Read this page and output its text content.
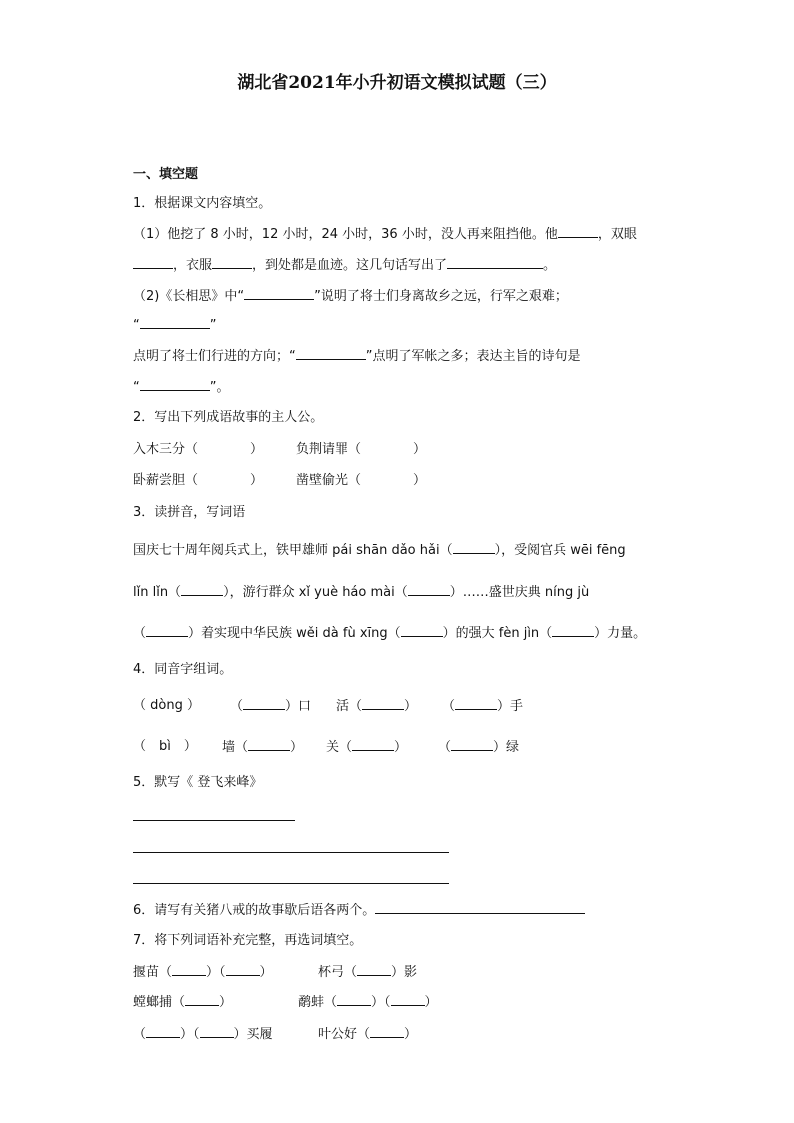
湖北省2021年小升初语文模拟试题（三）
一、填空题
1．根据课文内容填空。
（1）他挖了 8 小时，12 小时，24 小时，36 小时，没人再来阻挡他。他	，双眼
，衣服	，到处都是血迹。这几句话写出了	。
（2)《长相思》中“	”说明了将士们身离故乡之远，行军之艰难；
“	”
点明了将士们行进的方向；“	”点明了军帐之多；表达主旨的诗句是
“	”。
2．写出下列成语故事的主人公。
入木三分（	）	负荆请罪（	）
卧薪尝胆（	）	凿壁偷光（	）
3．读拼音，写词语
国庆七十周年阅兵式上，铁甲雄师 pái shān dǎo hǎi（	），受阅官兵 wēi fēng
lǐn lǐn（	），游行群众 xǐ yuè háo mài（	）……盛世庆典 níng jù
（	）着实现中华民族 wěi dà fù xīng（	）的强大 fèn jìn（	）力量。
4．同音字组词。
（ dòng ） （	）口 活（	） （	）手
（　bì　） 墙（	） 关（	） （	）绿
5．默写《 登飞来峰》
6．请写有关猪八戒的故事歇后语各两个。
7．将下列词语补充完整，再选词填空。
揠苗（	）（	）	杯弓（	）影
螳螂捕（	）	鹬蚌（	）（	）
（	）（	）买履	叶公好（	）
